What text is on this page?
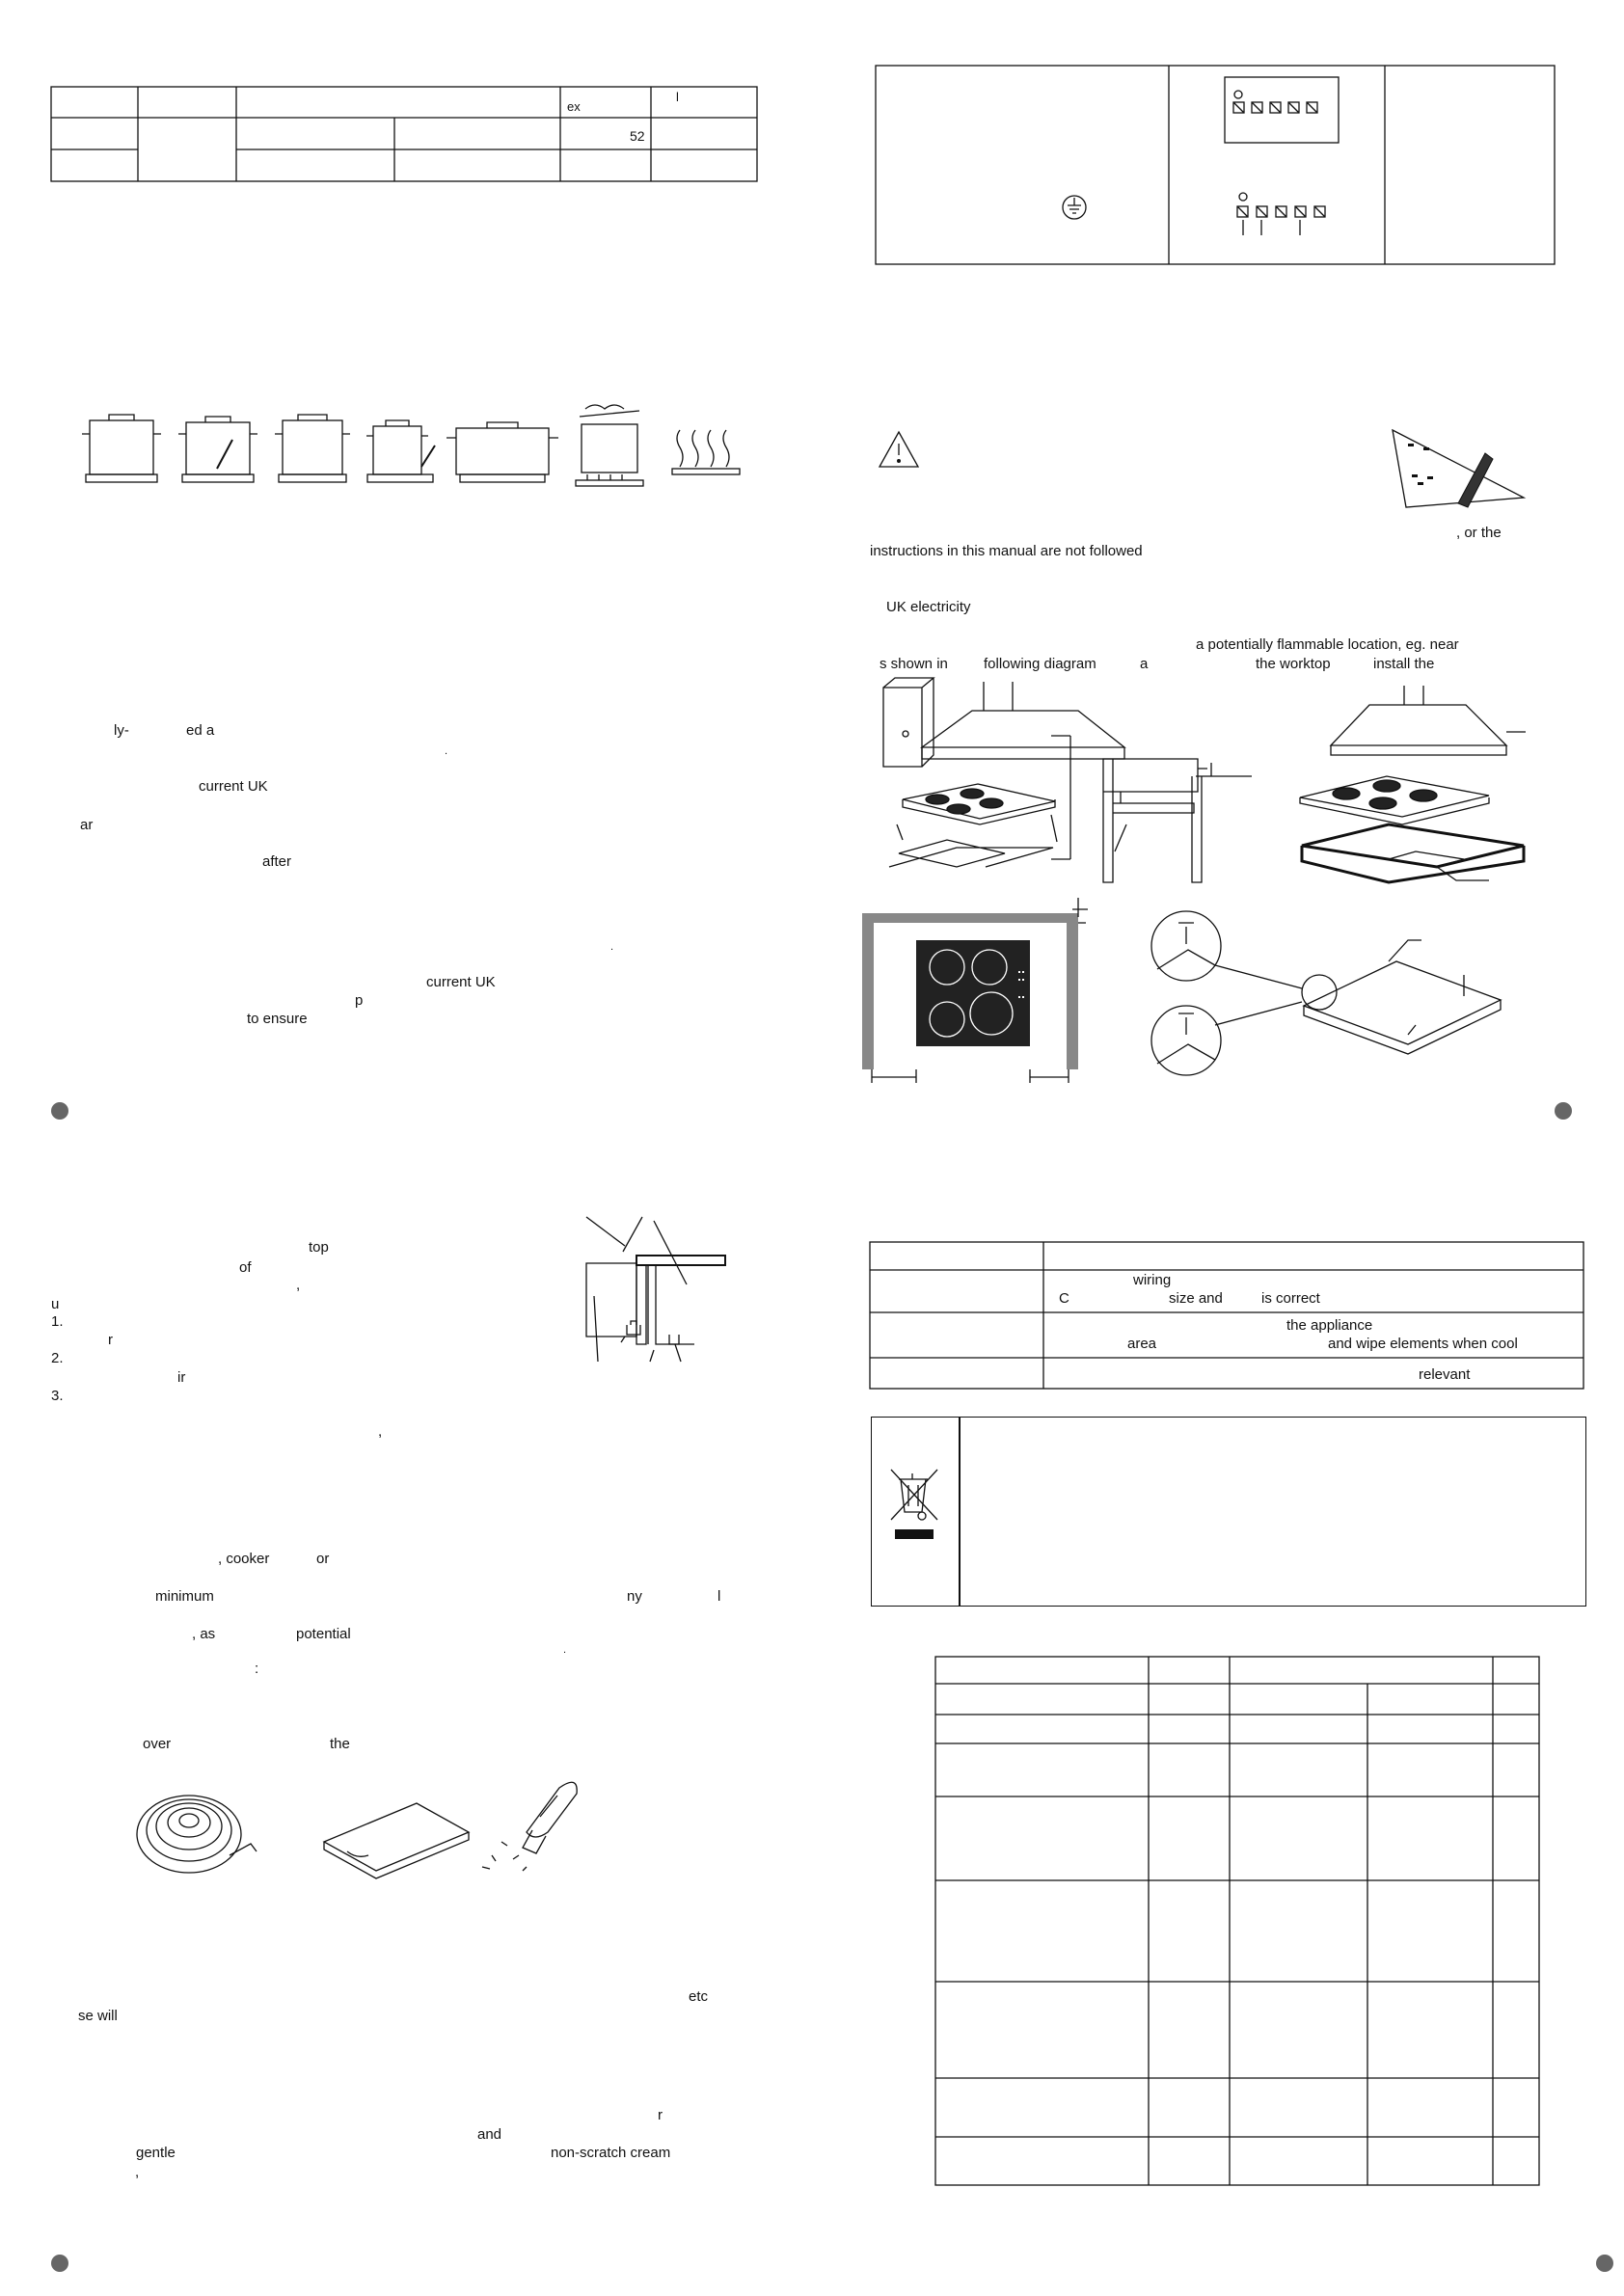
ex
l
52
ly-	ed a
.
current UK
ar
after
.
current UK
p
to ensure
, or the
instructions in this manual are not followed
UK electricity
a potentially flammable location, eg. near
s shown in following diagram	a	the worktop	install the
top
of
,
u
1.
r
2.
ir
3.
,
, cooker	or
minimum	ny	l
, as	potential
.
:
over	the
etc
se will
r
and
gentle	non-scratch cream
,
wiring
C	size and	is correct
the appliance
area	and wipe elements when cool
relevant
